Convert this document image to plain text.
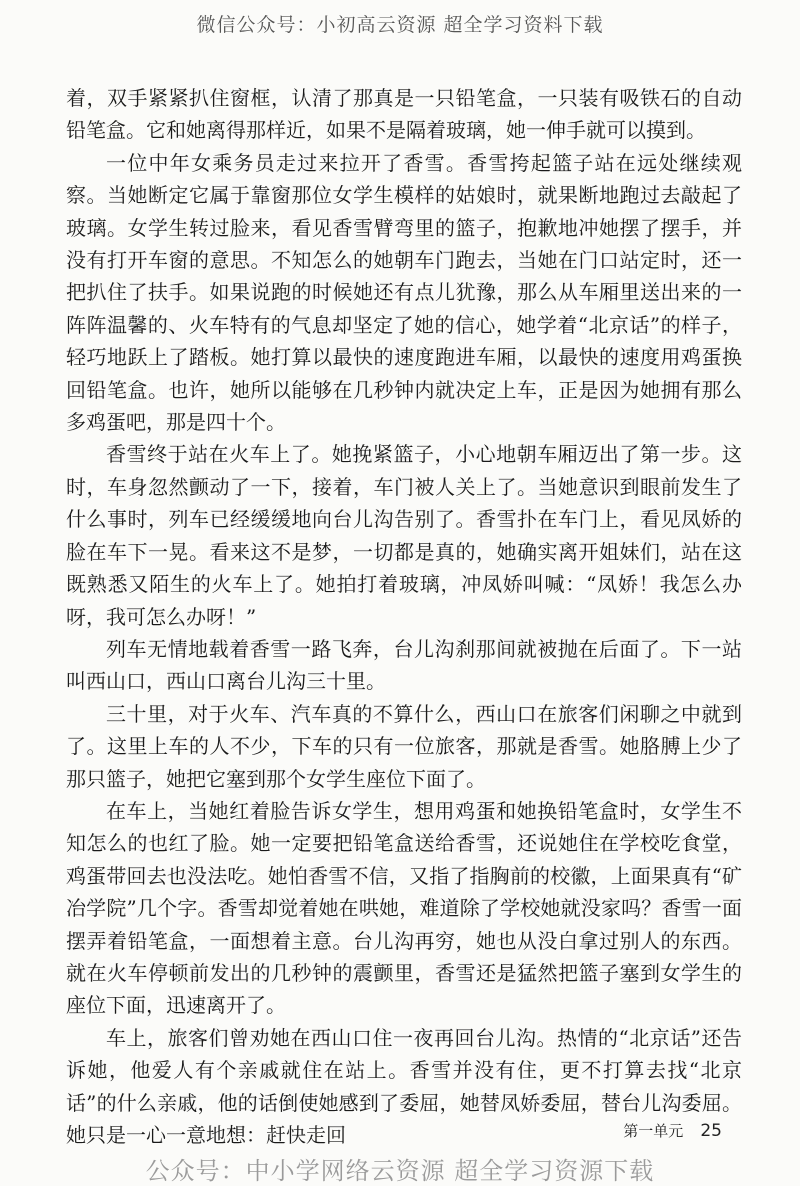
微信公众号：小初高云资源 超全学习资料下载

着，双手紧紧扒住窗框，认清了那真是一只铅笔盒，一只装有吸铁石的自动铅笔盒。它和她离得那样近，如果不是隔着玻璃，她一伸手就可以摸到。

一位中年女乘务员走过来拉开了香雪。香雪挎起篮子站在远处继续观察。当她断定它属于靠窗那位女学生模样的姑娘时，就果断地跑过去敲起了玻璃。女学生转过脸来，看见香雪臂弯里的篮子，抱歉地冲她摆了摆手，并没有打开车窗的意思。不知怎么的她朝车门跑去，当她在门口站定时，还一把扒住了扶手。如果说跑的时候她还有点儿犹豫，那么从车厢里送出来的一阵阵温馨的、火车特有的气息却坚定了她的信心，她学着“北京话”的样子，轻巧地跃上了踏板。她打算以最快的速度跑进车厢，以最快的速度用鸡蛋换回铅笔盒。也许，她所以能够在几秒钟内就决定上车，正是因为她拥有那么多鸡蛋吧，那是四十个。

香雪终于站在火车上了。她挽紧篮子，小心地朝车厢迈出了第一步。这时，车身忽然颤动了一下，接着，车门被人关上了。当她意识到眼前发生了什么事时，列车已经缓缓地向台儿沟告别了。香雪扑在车门上，看见凤娇的脸在车下一晃。看来这不是梦，一切都是真的，她确实离开姐妹们，站在这既熟悉又陌生的火车上了。她拍打着玻璃，冲凤娇叫喊：“凤娇！我怎么办呀，我可怎么办呀！”

列车无情地载着香雪一路飞奔，台儿沟刹那间就被抛在后面了。下一站叫西山口，西山口离台儿沟三十里。

三十里，对于火车、汽车真的不算什么，西山口在旅客们闲聊之中就到了。这里上车的人不少，下车的只有一位旅客，那就是香雪。她胳膊上少了那只篮子，她把它塞到那个女学生座位下面了。

在车上，当她红着脸告诉女学生，想用鸡蛋和她换铅笔盒时，女学生不知怎么的也红了脸。她一定要把铅笔盒送给香雪，还说她住在学校吃食堂，鸡蛋带回去也没法吃。她怕香雪不信，又指了指胸前的校徽，上面果真有“矿冶学院”几个字。香雪却觉着她在哄她，难道除了学校她就没家吗？香雪一面摆弄着铅笔盒，一面想着主意。台儿沟再穷，她也从没白拿过别人的东西。就在火车停顿前发出的几秒钟的震颤里，香雪还是猛然把篮子塞到女学生的座位下面，迅速离开了。

车上，旅客们曾劝她在西山口住一夜再回台儿沟。热情的“北京话”还告诉她，他爱人有个亲戚就住在站上。香雪并没有住，更不打算去找“北京话”的什么亲戚，他的话倒使她感到了委屈，她替凤娇委屈，替台儿沟委屈。她只是一心一意地想：赶快走回	第一单元 25
公众号：中小学网络云资源 超全学习资源下载
